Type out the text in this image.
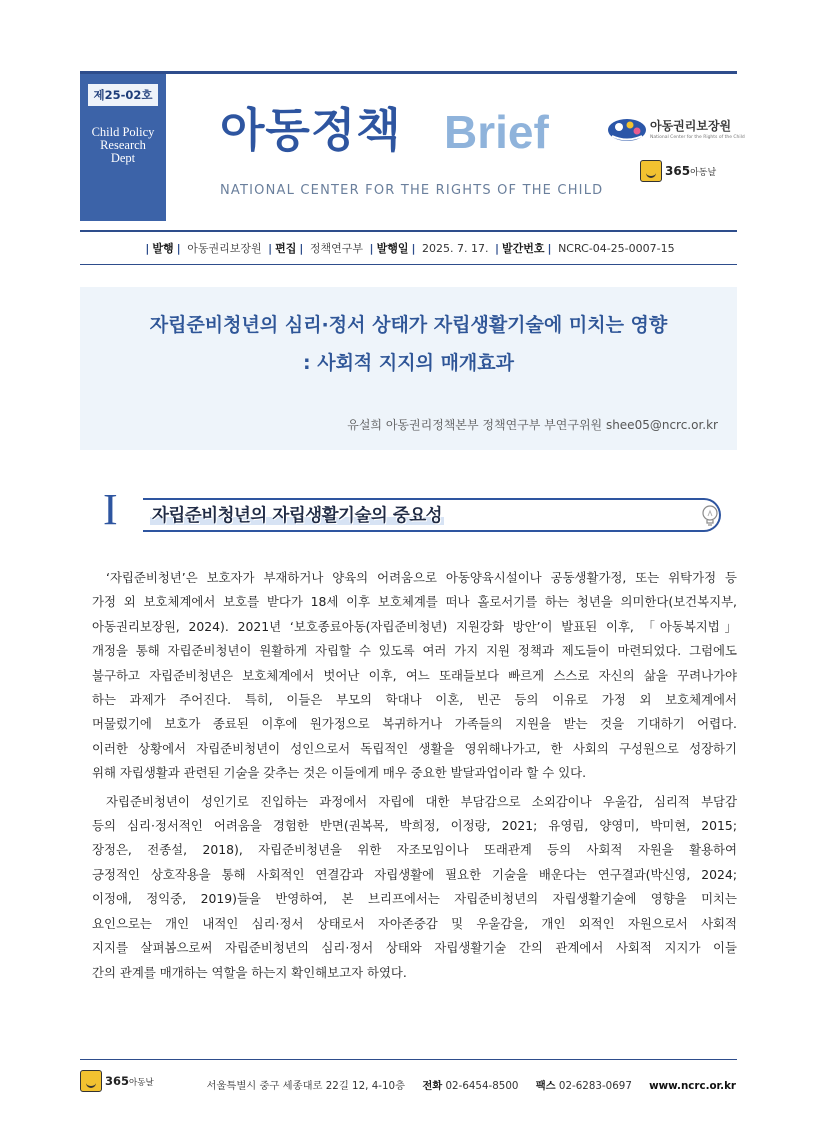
제25-02호
Child Policy
Research
Dept
아동정책 Brief
NATIONAL CENTER FOR THE RIGHTS OF THE CHILD
아동권리보장원
National Center for the Rights of the Child
365아동날
| 발행 | 아동권리보장원 | 편집 | 정책연구부 | 발행일 | 2025. 7. 17. | 발간번호 | NCRC-04-25-0007-15
자립준비청년의 심리·정서 상태가 자립생활기술에 미치는 영향
: 사회적 지지의 매개효과
유설희 아동권리정책본부 정책연구부 부연구위원 shee05@ncrc.or.kr
I 자립준비청년의 자립생활기술의 중요성

‘자립준비청년’은 보호자가 부재하거나 양육의 어려움으로 아동양육시설이나 공동생활가정, 또는 위탁가정 등
가정 외 보호체계에서 보호를 받다가 18세 이후 보호체계를 떠나 홀로서기를 하는 청년을 의미한다(보건복지부,
아동권리보장원, 2024). 2021년 ‘보호종료아동(자립준비청년) 지원강화 방안’이 발표된 이후, 「아동복지법」
개정을 통해 자립준비청년이 원활하게 자립할 수 있도록 여러 가지 지원 정책과 제도들이 마련되었다. 그럼에도
불구하고 자립준비청년은 보호체계에서 벗어난 이후, 여느 또래들보다 빠르게 스스로 자신의 삶을 꾸려나가야
하는 과제가 주어진다. 특히, 이들은 부모의 학대나 이혼, 빈곤 등의 이유로 가정 외 보호체계에서
머물렀기에 보호가 종료된 이후에 원가정으로 복귀하거나 가족들의 지원을 받는 것을 기대하기 어렵다.
이러한 상황에서 자립준비청년이 성인으로서 독립적인 생활을 영위해나가고, 한 사회의 구성원으로 성장하기
위해 자립생활과 관련된 기술을 갖추는 것은 이들에게 매우 중요한 발달과업이라 할 수 있다.

자립준비청년이 성인기로 진입하는 과정에서 자립에 대한 부담감으로 소외감이나 우울감, 심리적 부담감
등의 심리·정서적인 어려움을 경험한 반면(권복목, 박희정, 이정랑, 2021; 유영림, 양영미, 박미현, 2015;
장정은, 전종설, 2018), 자립준비청년을 위한 자조모임이나 또래관계 등의 사회적 자원을 활용하여
긍정적인 상호작용을 통해 사회적인 연결감과 자립생활에 필요한 기술을 배운다는 연구결과(박신영, 2024;
이정애, 정익중, 2019)들을 반영하여, 본 브리프에서는 자립준비청년의 자립생활기술에 영향을 미치는
요인으로는 개인 내적인 심리·정서 상태로서 자아존중감 및 우울감을, 개인 외적인 자원으로서 사회적
지지를 살펴봄으로써 자립준비청년의 심리·정서 상태와 자립생활기술 간의 관계에서 사회적 지지가 이들
간의 관계를 매개하는 역할을 하는지 확인해보고자 하였다.

365아동날	서울특별시 중구 세종대로 22길 12, 4-10층 전화 02-6454-8500 팩스 02-6283-0697 www.ncrc.or.kr
